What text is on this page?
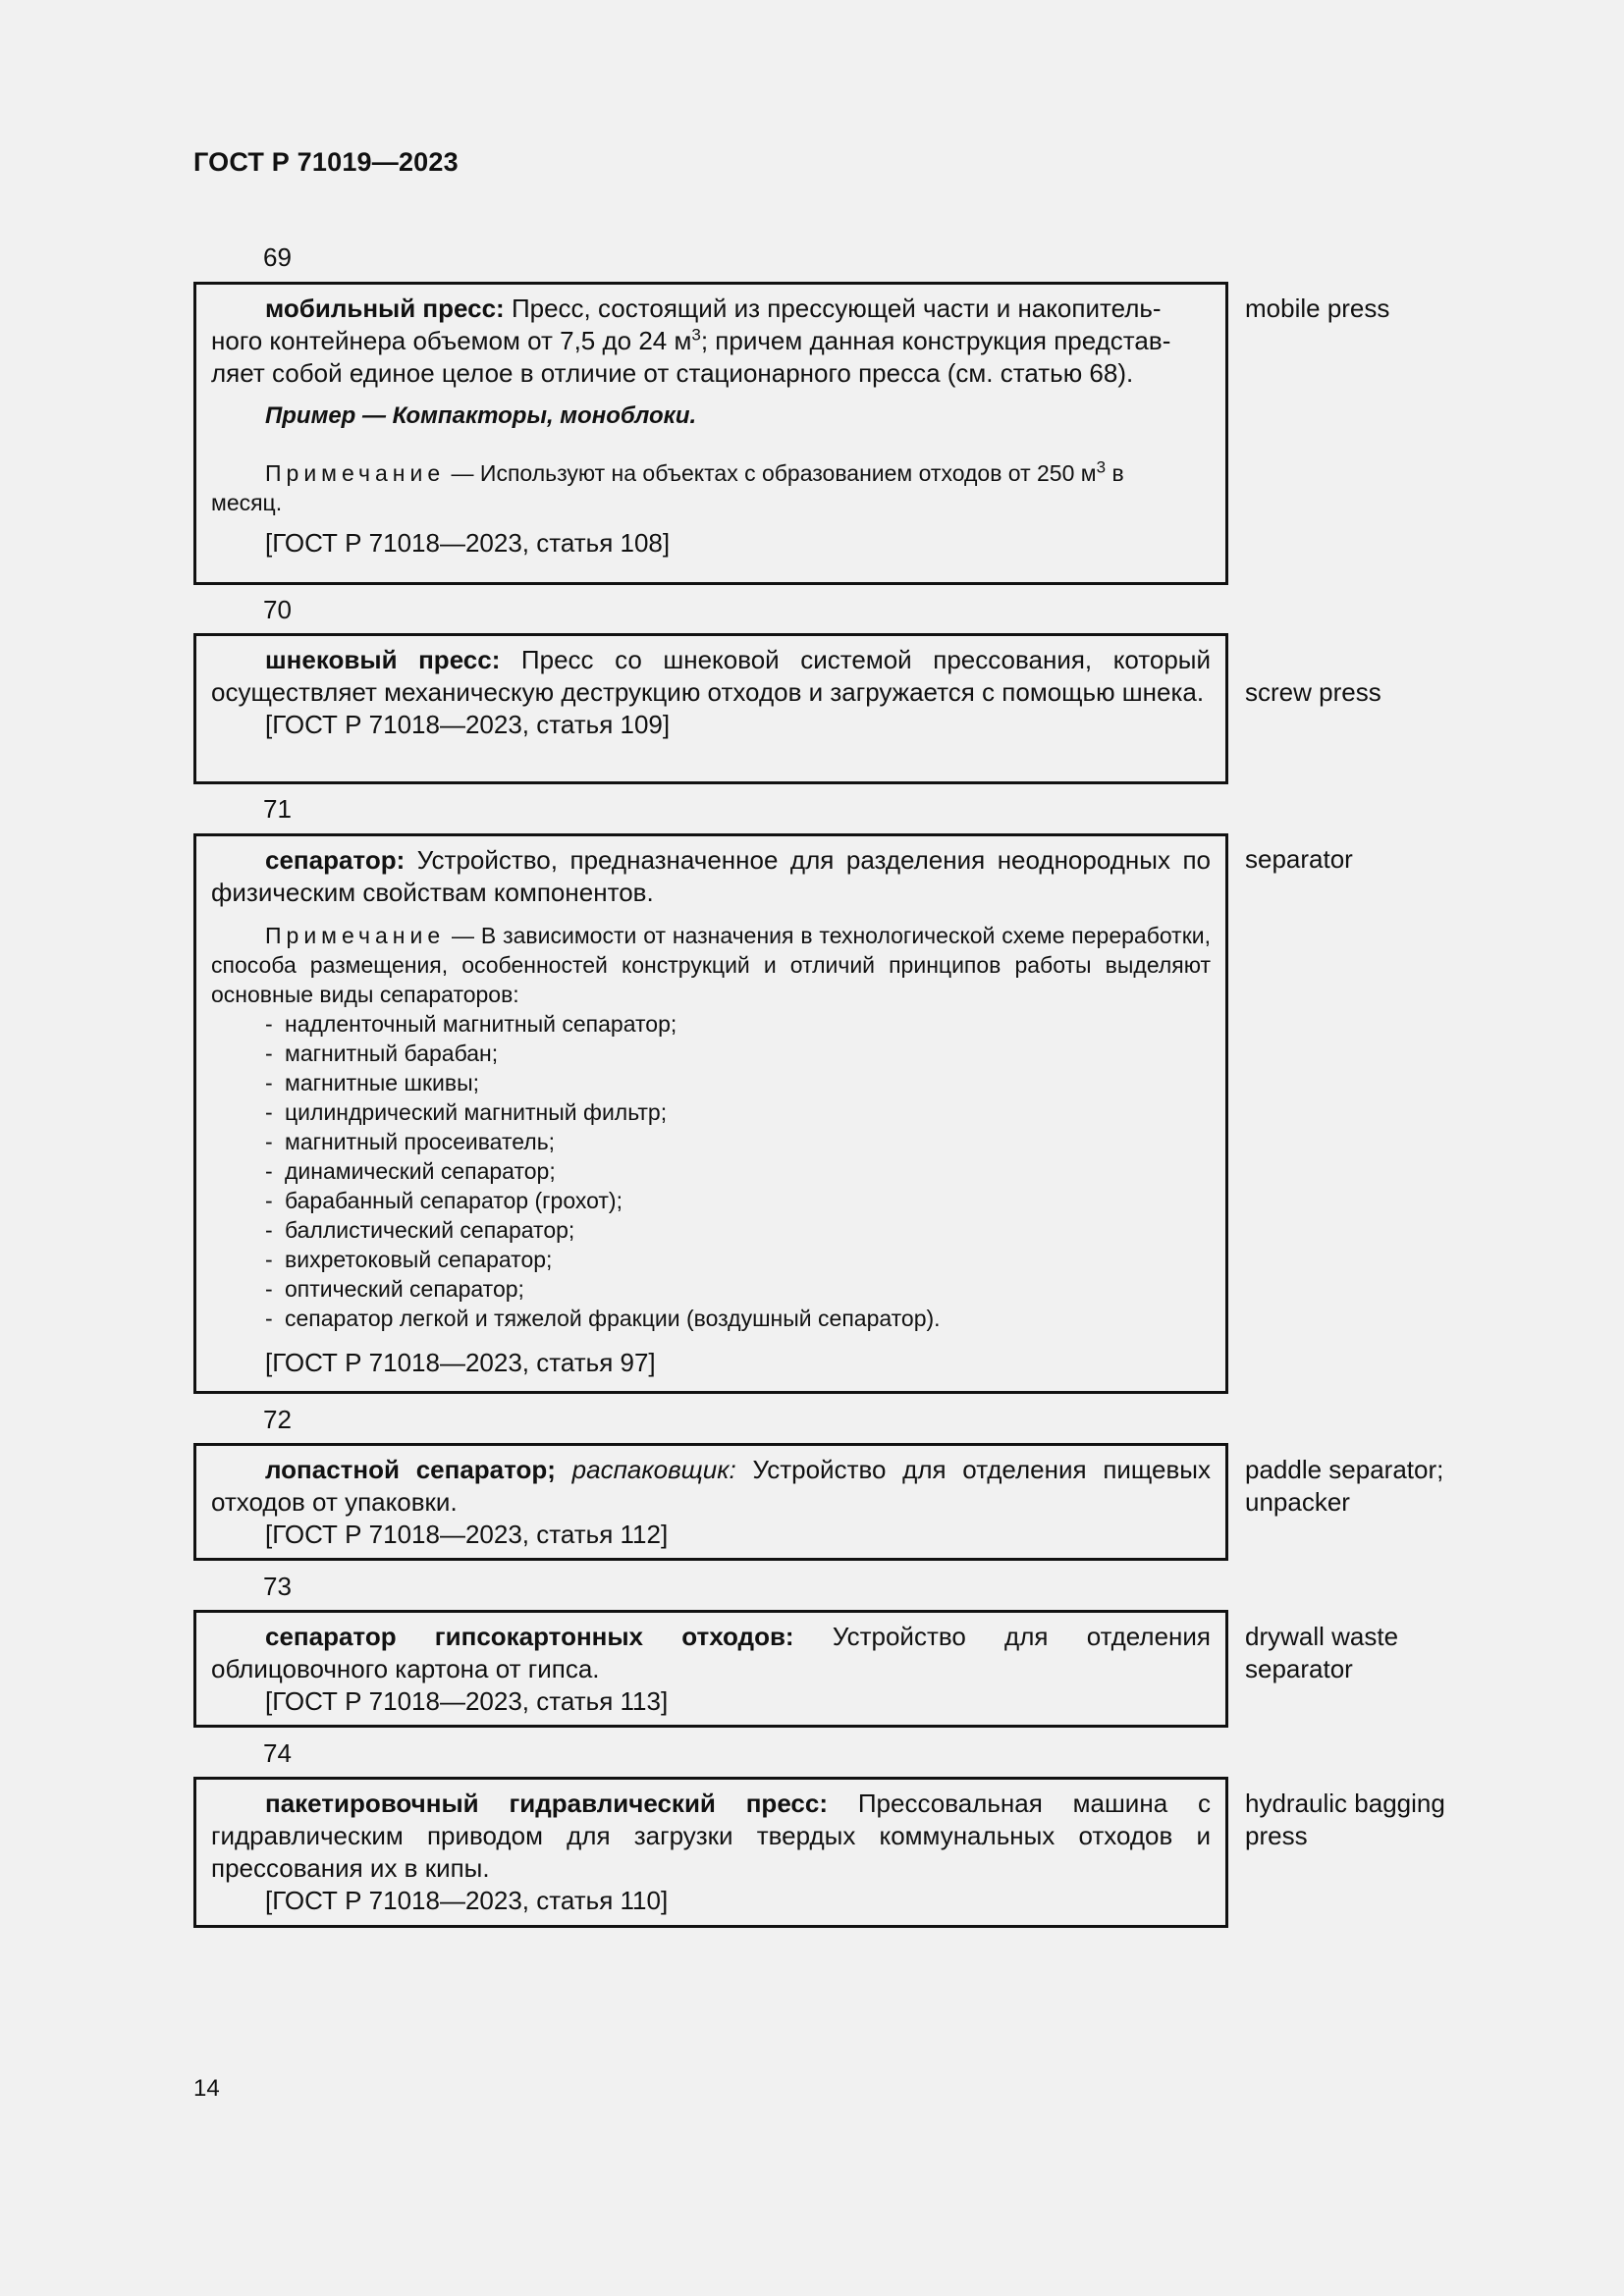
ГОСТ Р 71019—2023
69

мобильный пресс: Пресс, состоящий из прессующей части и накопитель-
ного контейнера объемом от 7,5 до 24 $м^3$; причем данная конструкция представ-
ляет собой единое целое в отличие от стационарного пресса (см. статью 68).

Пример — Компакторы, моноблоки.

Примечание — Используют на объектах с образованием отходов от 250 $м^3$ в
месяц.

[ГОСТ Р 71018—2023, статья 108]
mobile press
70

шнековый пресс: Пресс со шнековой системой прессования, который осуществляет механическую деструкцию отходов и загружается с помощью шнека.

[ГОСТ Р 71018—2023, статья 109]
screw press
71

сепаратор: Устройство, предназначенное для разделения неоднородных по физическим свойствам компонентов.

Примечание — В зависимости от назначения в технологической схеме переработки, способа размещения, особенностей конструкций и отличий принципов работы выделяют основные виды сепараторов:

- надленточный магнитный сепаратор;
- магнитный барабан;
- магнитные шкивы;
- цилиндрический магнитный фильтр;
- магнитный просеиватель;
- динамический сепаратор;
- барабанный сепаратор (грохот);
- баллистический сепаратор;
- вихретоковый сепаратор;
- оптический сепаратор;
- сепаратор легкой и тяжелой фракции (воздушный сепаратор).
[ГОСТ Р 71018—2023, статья 97]
separator
72

лопастной сепаратор; распаковщик: Устройство для отделения пищевых отходов от упаковки.

[ГОСТ Р 71018—2023, статья 112]
paddle separator;
unpacker
73

сепаратор гипсокартонных отходов: Устройство для отделения облицовочного картона от гипса.

[ГОСТ Р 71018—2023, статья 113]
drywall waste
separator
74

пакетировочный гидравлический пресс: Прессовальная машина с гидравлическим приводом для загрузки твердых коммунальных отходов и прессования их в кипы.

[ГОСТ Р 71018—2023, статья 110]
hydraulic bagging
press
14
